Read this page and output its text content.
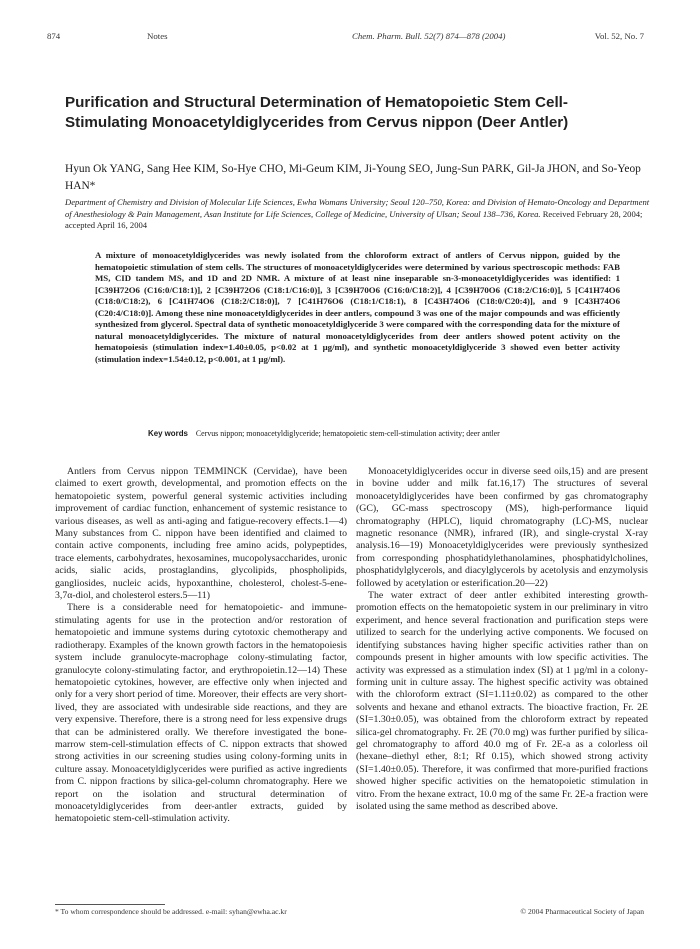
874	Notes	Chem. Pharm. Bull. 52(7) 874—878 (2004)	Vol. 52, No. 7
Purification and Structural Determination of Hematopoietic Stem Cell-Stimulating Monoacetyldiglycerides from Cervus nippon (Deer Antler)
Hyun Ok YANG, Sang Hee KIM, So-Hye CHO, Mi-Geum KIM, Ji-Young SEO, Jung-Sun PARK, Gil-Ja JHON, and So-Yeop HAN*
Department of Chemistry and Division of Molecular Life Sciences, Ewha Womans University; Seoul 120–750, Korea: and Division of Hemato-Oncology and Department of Anesthesiology & Pain Management, Asan Institute for Life Sciences, College of Medicine, University of Ulsan; Seoul 138–736, Korea. Received February 28, 2004; accepted April 16, 2004
A mixture of monoacetyldiglycerides was newly isolated from the chloroform extract of antlers of Cervus nippon, guided by the hematopoietic stimulation of stem cells. The structures of monoacetyldiglycerides were determined by various spectroscopic methods: FAB MS, CID tandem MS, and 1D and 2D NMR. A mixture of at least nine inseparable sn-3-monoacetyldiglycerides was identified: 1 [C39H72O6 (C16:0/C18:1)], 2 [C39H72O6 (C18:1/C16:0)], 3 [C39H70O6 (C16:0/C18:2)], 4 [C39H70O6 (C18:2/C16:0)], 5 [C41H74O6 (C18:0/C18:2), 6 [C41H74O6 (C18:2/C18:0)], 7 [C41H76O6 (C18:1/C18:1), 8 [C43H74O6 (C18:0/C20:4)], and 9 [C43H74O6 (C20:4/C18:0)]. Among these nine monoacetyldiglycerides in deer antlers, compound 3 was one of the major compounds and was efficiently synthesized from glycerol. Spectral data of synthetic monoacetyldiglyceride 3 were compared with the corresponding data for the mixture of natural monoacetyldiglycerides. The mixture of natural monoacetyldiglycerides from deer antlers showed potent activity on the hematopoiesis (stimulation index=1.40±0.05, p<0.02 at 1 µg/ml), and synthetic monoacetyldiglyceride 3 showed even better activity (stimulation index=1.54±0.12, p<0.001, at 1 µg/ml).
Key words Cervus nippon; monoacetyldiglyceride; hematopoietic stem-cell-stimulation activity; deer antler

Antlers from Cervus nippon TEMMINCK (Cervidae), have been claimed to exert growth, developmental, and promotion effects on the hematopoietic system, powerful general systemic activities including improvement of cardiac function, enhancement of systemic resistance to various diseases, as well as anti-aging and fatigue-recovery effects.1—4) Many substances from C. nippon have been identified and claimed to contain active components, including free amino acids, polypeptides, trace elements, carbohydrates, hexosamines, mucopolysaccharides, uronic acids, sialic acids, prostaglandins, glycolipids, phospholipids, gangliosides, nucleic acids, hypoxanthine, cholesterol, cholest-5-ene-3,7α-diol, and cholesterol esters.5—11)

There is a considerable need for hematopoietic- and immune-stimulating agents for use in the protection and/or restoration of hematopoietic and immune systems during cytotoxic chemotherapy and radiotherapy. Examples of the known growth factors in the hematopoiesis system include granulocyte-macrophage colony-stimulating factor, granulocyte colony-stimulating factor, and erythropoietin.12—14) These hematopoietic cytokines, however, are effective only when injected and only for a very short period of time. Moreover, their effects are very short-lived, they are associated with undesirable side reactions, and they are very expensive. Therefore, there is a strong need for less expensive drugs that can be administered orally. We therefore investigated the bone-marrow stem-cell-stimulation effects of C. nippon extracts that showed strong activities in our screening studies using colony-forming units in culture assay. Monoacetyldiglycerides were purified as active ingredients from C. nippon fractions by silica-gel-column chromatography. Here we report on the isolation and structural determination of monoacetyldiglycerides from deer-antler extracts, guided by hematopoietic stem-cell-stimulation activity.

Monoacetyldiglycerides occur in diverse seed oils,15) and are present in bovine udder and milk fat.16,17) The structures of several monoacetyldiglycerides have been confirmed by gas chromatography (GC), GC-mass spectroscopy (MS), high-performance liquid chromatography (HPLC), liquid chromatography (LC)-MS, nuclear magnetic resonance (NMR), infrared (IR), and single-crystal X-ray analysis.16—19) Monoacetyldiglycerides were previously synthesized from corresponding phosphatidylethanolamines, phosphatidylcholines, phosphatidylglycerols, and diacylglycerols by acetolysis and enzymolysis followed by acetylation or esterification.20—22)

The water extract of deer antler exhibited interesting growth-promotion effects on the hematopoietic system in our preliminary in vitro experiment, and hence several fractionation and purification steps were utilized to search for the underlying active components. We focused on identifying substances having higher specific activities rather than on compounds present in higher amounts with low specific activities. The activity was expressed as a stimulation index (SI) at 1 µg/ml in a colony-forming unit in culture assay. The highest specific activity was obtained with the chloroform extract (SI=1.11±0.02) as compared to the other solvents and hexane and ethanol extracts. The bioactive fraction, Fr. 2E (SI=1.30±0.05), was obtained from the chloroform extract by repeated silica-gel chromatography. Fr. 2E (70.0 mg) was further purified by silica-gel chromatography to afford 40.0 mg of Fr. 2E-a as a colorless oil (hexane–diethyl ether, 8:1; Rf 0.15), which showed strong activity (SI=1.40±0.05). Therefore, it was confirmed that more-purified fractions showed higher specific activities on the hematopoietic stimulation in vitro. From the hexane extract, 10.0 mg of the same Fr. 2E-a fraction were isolated using the same method as described above.

* To whom correspondence should be addressed. e-mail: syhan@ewha.ac.kr	© 2004 Pharmaceutical Society of Japan
